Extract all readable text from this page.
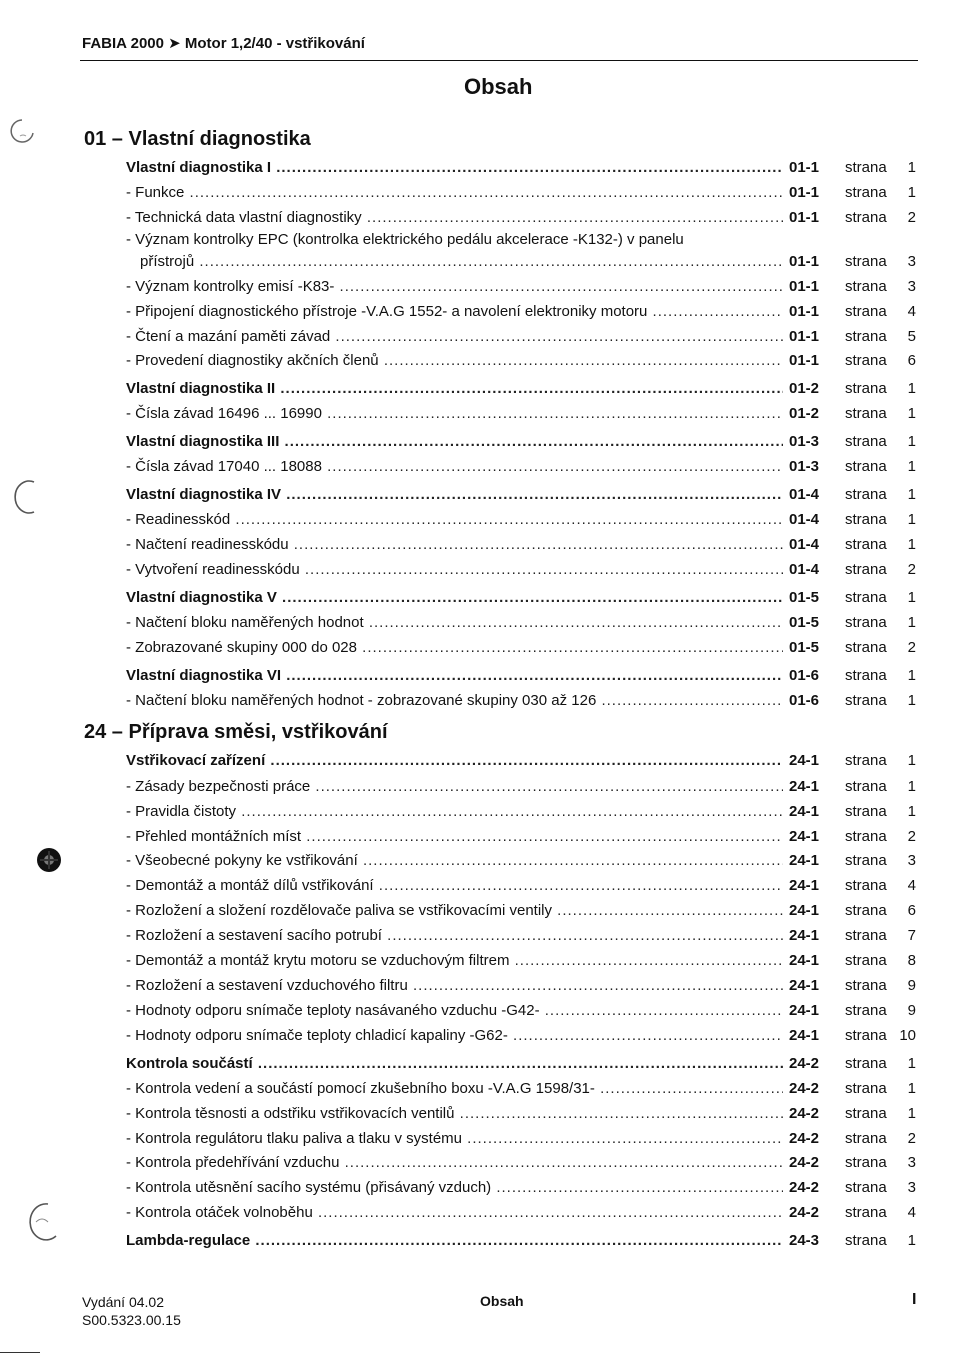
FABIA 2000 ➤ Motor 1,2/40 - vstřikování
Obsah
01 – Vlastní diagnostika
24 – Příprava směsi, vstřikování
Vlastní diagnostika I .....	01-1 strana	1
- Funkce .....	01-1 strana	1
- Technická data vlastní diagnostiky .....	01-1 strana	2
- Význam kontrolky EPC (kontrolka elektrického pedálu akcelerace -K132-) v panelu
přístrojů .....	01-1 strana	3
- Význam kontrolky emisí -K83- .....	01-1 strana	3
- Připojení diagnostického přístroje -V.A.G 1552- a navolení elektroniky motoru .....	01-1 strana	4
- Čtení a mazání paměti závad .....	01-1 strana	5
- Provedení diagnostiky akčních členů .....	01-1 strana	6
Vlastní diagnostika II .....	01-2 strana	1
- Čísla závad 16496 ... 16990 .....	01-2 strana	1
Vlastní diagnostika III .....	01-3 strana	1
- Čísla závad 17040 ... 18088 .....	01-3 strana	1
Vlastní diagnostika IV .....	01-4 strana	1
- Readinesskód .....	01-4 strana	1
- Načtení readinesskódu .....	01-4 strana	1
- Vytvoření readinesskódu .....	01-4 strana	2
Vlastní diagnostika V .....	01-5 strana	1
- Načtení bloku naměřených hodnot .....	01-5 strana	1
- Zobrazované skupiny 000 do 028 .....	01-5 strana	2
Vlastní diagnostika VI .....	01-6 strana	1
- Načtení bloku naměřených hodnot - zobrazované skupiny 030 až 126 .....	01-6 strana	1
Vstřikovací zařízení .....	24-1 strana	1
- Zásady bezpečnosti práce .....	24-1 strana	1
- Pravidla čistoty .....	24-1 strana	1
- Přehled montážních míst .....	24-1 strana	2
- Všeobecné pokyny ke vstřikování .....	24-1 strana	3
- Demontáž a montáž dílů vstřikování .....	24-1 strana	4
- Rozložení a složení rozdělovače paliva se vstřikovacími ventily .....	24-1 strana	6
- Rozložení a sestavení sacího potrubí .....	24-1 strana	7
- Demontáž a montáž krytu motoru se vzduchovým filtrem .....	24-1 strana	8
- Rozložení a sestavení vzduchového filtru .....	24-1 strana	9
- Hodnoty odporu snímače teploty nasávaného vzduchu -G42- .....	24-1 strana	9
- Hodnoty odporu snímače teploty chladicí kapaliny -G62- .....	24-1 strana 10
Kontrola součástí .....	24-2 strana	1
- Kontrola vedení a součástí pomocí zkušebního boxu -V.A.G 1598/31- .....	24-2 strana	1
- Kontrola těsnosti a odstřiku vstřikovacích ventilů .....	24-2 strana	1
- Kontrola regulátoru tlaku paliva a tlaku v systému .....	24-2 strana	2
- Kontrola předehřívání vzduchu .....	24-2 strana	3
- Kontrola utěsnění sacího systému (přisávaný vzduch) .....	24-2 strana	3
- Kontrola otáček volnoběhu .....	24-2 strana	4
Lambda-regulace .....	24-3 strana	1
Vydání 04.02
S00.5323.00.15
Obsah	I
